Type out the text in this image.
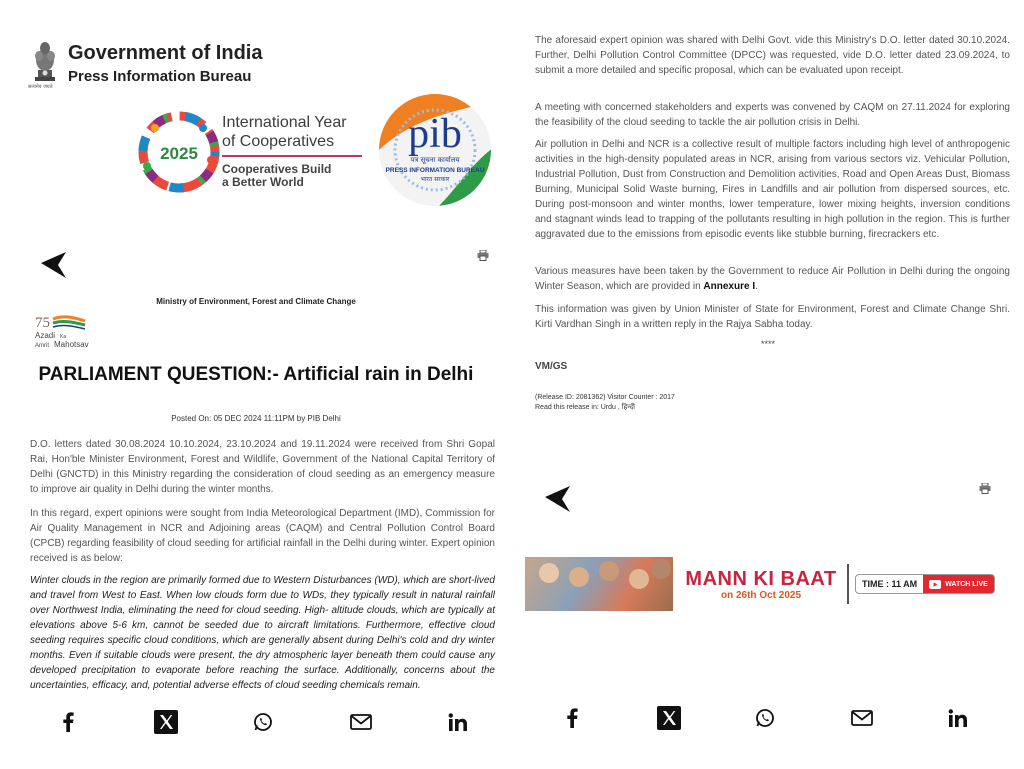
सत्यमेव जयते
Government of India
Press Information Bureau
2025
International Year
of Cooperatives
Cooperatives Build
a Better World
pib
पत्र सूचना कार्यालय
PRESS INFORMATION BUREAU
भारत सरकार
Ministry of Environment, Forest and Climate Change
75
Azadi Ka
Amrit Mahotsav
PARLIAMENT QUESTION:- Artificial rain in Delhi
Posted On: 05 DEC 2024 11:11PM by PIB Delhi

D.O. letters dated 30.08.2024 10.10.2024, 23.10.2024 and 19.11.2024 were received from Shri Gopal Rai, Hon'ble Minister Environment, Forest and Wildlife, Government of the National Capital Territory of Delhi (GNCTD) in this Ministry regarding the consideration of cloud seeding as an emergency measure to improve air quality in Delhi during the winter months.

In this regard, expert opinions were sought from India Meteorological Department (IMD), Commission for Air Quality Management in NCR and Adjoining areas (CAQM) and Central Pollution Control Board (CPCB) regarding feasibility of cloud seeding for artificial rainfall in the Delhi during winter. Expert opinion received is as below:

Winter clouds in the region are primarily formed due to Western Disturbances (WD), which are short-lived and travel from West to East. When low clouds form due to WDs, they typically result in natural rainfall over Northwest India, eliminating the need for cloud seeding. High- altitude clouds, which are typically at elevations above 5-6 km, cannot be seeded due to aircraft limitations. Furthermore, effective cloud seeding requires specific cloud conditions, which are generally absent during Delhi's cold and dry winter months. Even if suitable clouds were present, the dry atmospheric layer beneath them could cause any developed precipitation to evaporate before reaching the surface. Additionally, concerns about the uncertainties, efficacy, and, potential adverse effects of cloud seeding chemicals remain.

The aforesaid expert opinion was shared with Delhi Govt. vide this Ministry's D.O. letter dated 30.10.2024. Further, Delhi Pollution Control Committee (DPCC) was requested, vide D.O. letter dated 23.09.2024, to submit a more detailed and specific proposal, which can be evaluated upon receipt.

A meeting with concerned stakeholders and experts was convened by CAQM on 27.11.2024 for exploring the feasibility of the cloud seeding to tackle the air pollution crisis in Delhi.

Air pollution in Delhi and NCR is a collective result of multiple factors including high level of anthropogenic activities in the high-density populated areas in NCR, arising from various sectors viz. Vehicular Pollution, Industrial Pollution, Dust from Construction and Demolition activities, Road and Open Areas Dust, Biomass Burning, Municipal Solid Waste burning, Fires in Landfills and air pollution from dispersed sources, etc. During post-monsoon and winter months, lower temperature, lower mixing heights, inversion conditions and stagnant winds lead to trapping of the pollutants resulting in high pollution in the region. This is further aggravated due to the emissions from episodic events like stubble burning, firecrackers etc.

Various measures have been taken by the Government to reduce Air Pollution in Delhi during the ongoing Winter Season, which are provided in Annexure I.

This information was given by Union Minister of State for Environment, Forest and Climate Change Shri. Kirti Vardhan Singh in a written reply in the Rajya Sabha today.

****
VM/GS
(Release ID: 2081362) Visitor Counter : 2017
Read this release in: Urdu , हिन्दी
MANN KI BAAT
on 26th Oct 2025
TIME : 11 AM	WATCH LIVE
